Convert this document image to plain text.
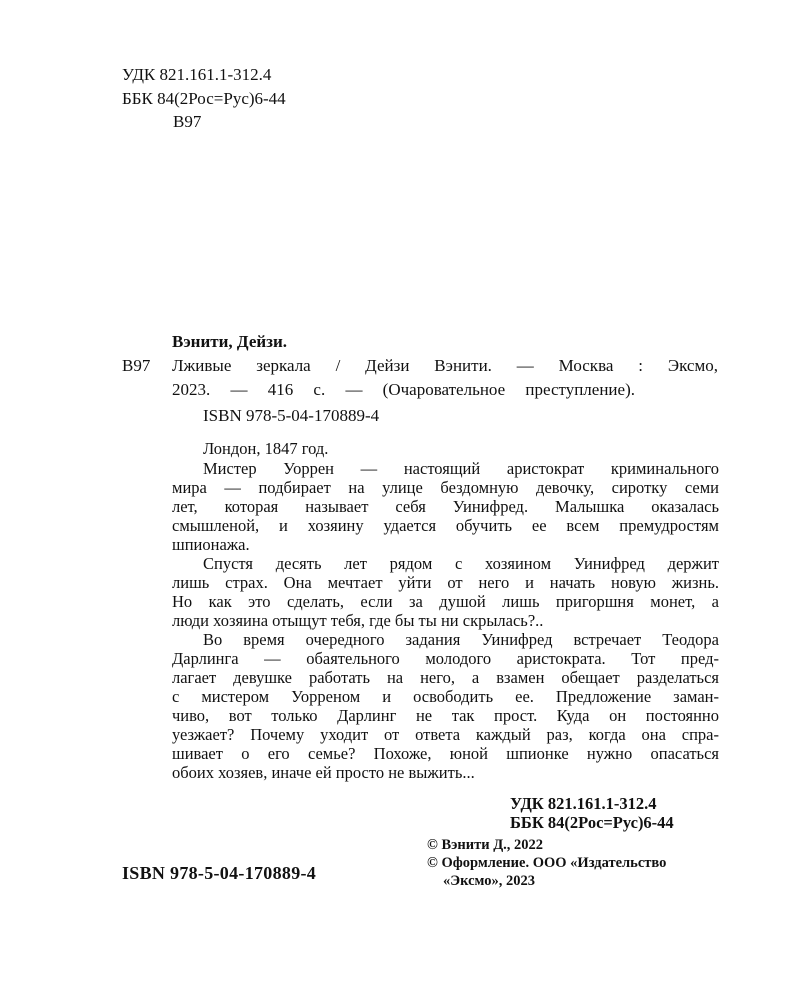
УДК 821.161.1-312.4
ББК 84(2Рос=Рус)6-44
В97
Вэнити, Дейзи.
В97 Лживые зеркала / Дейзи Вэнити. — Москва : Эксмо,
2023. — 416 с. — (Очаровательное преступление).
ISBN 978-5-04-170889-4
Лондон, 1847 год.
Мистер Уоррен — настоящий аристократ криминального
мира — подбирает на улице бездомную девочку, сиротку семи
лет, которая называет себя Уинифред. Малышка оказалась
смышленой, и хозяину удается обучить ее всем премудростям
шпионажа.
Спустя десять лет рядом с хозяином Уинифред держит
лишь страх. Она мечтает уйти от него и начать новую жизнь.
Но как это сделать, если за душой лишь пригоршня монет, а
люди хозяина отыщут тебя, где бы ты ни скрылась?..
Во время очередного задания Уинифред встречает Теодора
Дарлинга — обаятельного молодого аристократа. Тот пред-
лагает девушке работать на него, а взамен обещает разделаться
с мистером Уорреном и освободить ее. Предложение заман-
чиво, вот только Дарлинг не так прост. Куда он постоянно
уезжает? Почему уходит от ответа каждый раз, когда она спра-
шивает о его семье? Похоже, юной шпионке нужно опасаться
обоих хозяев, иначе ей просто не выжить...
УДК 821.161.1-312.4
ББК 84(2Рос=Рус)6-44
© Вэнити Д., 2022
© Оформление. ООО «Издательство
«Эксмо», 2023
ISBN 978-5-04-170889-4
